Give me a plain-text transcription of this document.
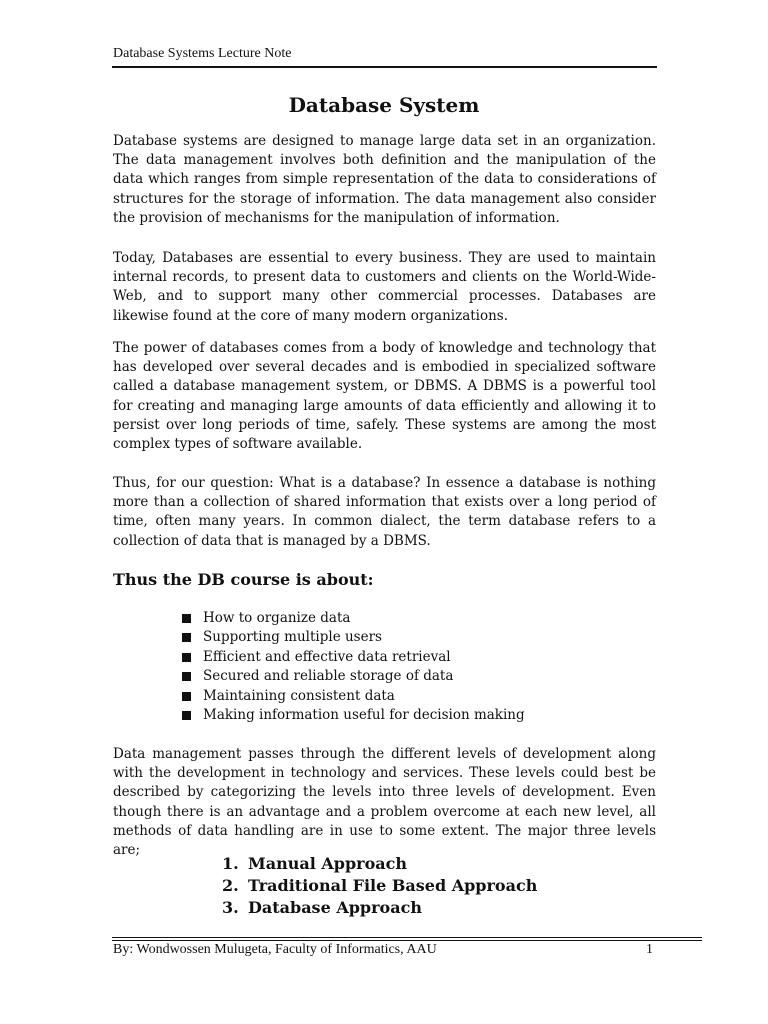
Database Systems Lecture Note
Database System

Database systems are designed to manage large data set in an organization. The data management involves both definition and the manipulation of the data which ranges from simple representation of the data to considerations of structures for the storage of information. The data management also consider the provision of mechanisms for the manipulation of information.

Today, Databases are essential to every business. They are used to maintain internal records, to present data to customers and clients on the World-Wide-Web, and to support many other commercial processes. Databases are likewise found at the core of many modern organizations.

The power of databases comes from a body of knowledge and technology that has developed over several decades and is embodied in specialized software called a database management system, or DBMS. A DBMS is a powerful tool for creating and managing large amounts of data efficiently and allowing it to persist over long periods of time, safely. These systems are among the most complex types of software available.

Thus, for our question: What is a database? In essence a database is nothing more than a collection of shared information that exists over a long period of time, often many years. In common dialect, the term database refers to a collection of data that is managed by a DBMS.

Thus the DB course is about:
How to organize data
Supporting multiple users
Efficient and effective data retrieval
Secured and reliable storage of data
Maintaining consistent data
Making information useful for decision making

Data management passes through the different levels of development along with the development in technology and services. These levels could best be described by categorizing the levels into three levels of development. Even though there is an advantage and a problem overcome at each new level, all methods of data handling are in use to some extent. The major three levels are;

1. Manual Approach
2. Traditional File Based Approach
3. Database Approach
By: Wondwossen Mulugeta, Faculty of Informatics, AAU	1
